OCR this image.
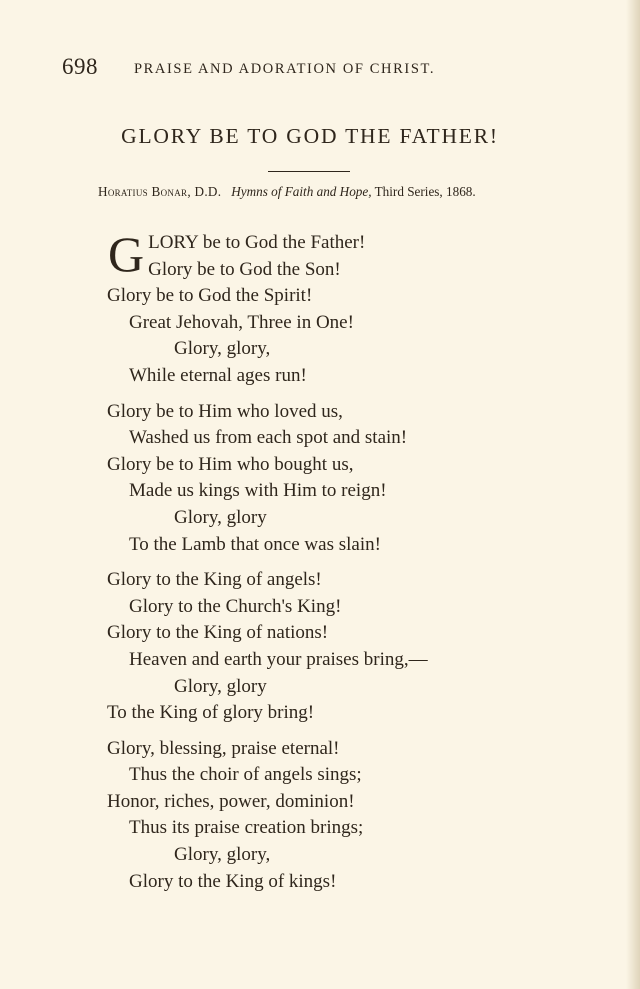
698 PRAISE AND ADORATION OF CHRIST.
GLORY BE TO GOD THE FATHER!
Horatius Bonar, D.D. Hymns of Faith and Hope, Third Series, 1868.
G LORY be to God the Father!
Glory be to God the Son!
Glory be to God the Spirit!
Great Jehovah, Three in One!
Glory, glory,
While eternal ages run!
Glory be to Him who loved us,
Washed us from each spot and stain!
Glory be to Him who bought us,
Made us kings with Him to reign!
Glory, glory
To the Lamb that once was slain!
Glory to the King of angels!
Glory to the Church's King!
Glory to the King of nations!
Heaven and earth your praises bring,—
Glory, glory
To the King of glory bring!
Glory, blessing, praise eternal!
Thus the choir of angels sings;
Honor, riches, power, dominion!
Thus its praise creation brings;
Glory, glory,
Glory to the King of kings!
